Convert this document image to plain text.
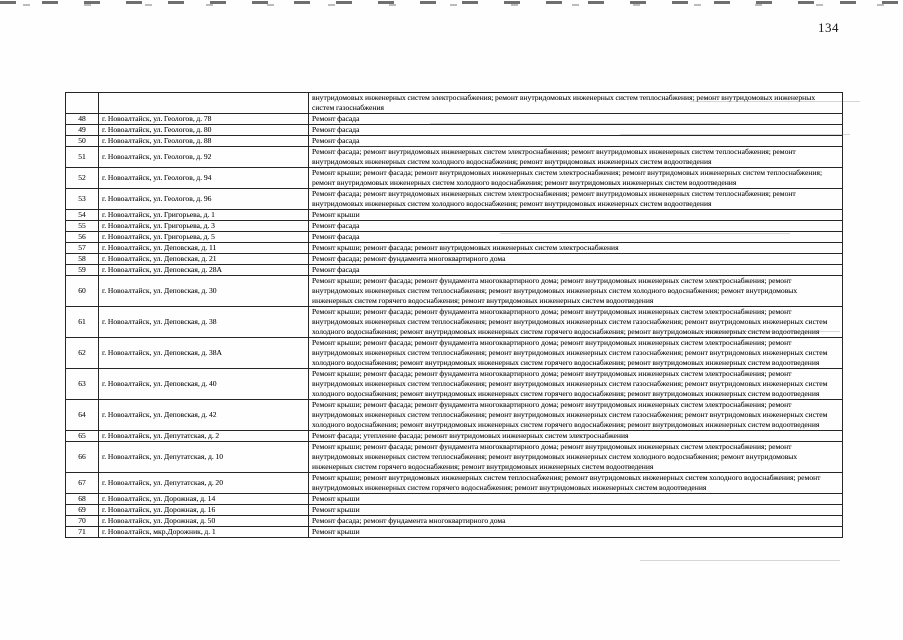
134
		внутридомовых инженерных систем электроснабжения; ремонт внутридомовых инженерных систем теплоснабжения; ремонт внутридомовых инженерных систем газоснабжения
48	г. Новоалтайск, ул. Геологов, д. 78	Ремонт фасада
49	г. Новоалтайск, ул. Геологов, д. 80	Ремонт фасада
50	г. Новоалтайск, ул. Геологов, д. 88	Ремонт фасада
51	г. Новоалтайск, ул. Геологов, д. 92	Ремонт фасада; ремонт внутридомовых инженерных систем электроснабжения; ремонт внутридомовых инженерных систем теплоснабжения; ремонт внутридомовых инженерных систем холодного водоснабжения; ремонт внутридомовых инженерных систем водоотведения
52	г. Новоалтайск, ул. Геологов, д. 94	Ремонт крыши; ремонт фасада; ремонт внутридомовых инженерных систем электроснабжения; ремонт внутридомовых инженерных систем теплоснабжения; ремонт внутридомовых инженерных систем холодного водоснабжения; ремонт внутридомовых инженерных систем водоотведения
53	г. Новоалтайск, ул. Геологов, д. 96	Ремонт фасада; ремонт внутридомовых инженерных систем электроснабжения; ремонт внутридомовых инженерных систем теплоснабжения; ремонт внутридомовых инженерных систем холодного водоснабжения; ремонт внутридомовых инженерных систем водоотведения
54	г. Новоалтайск, ул. Григорьева, д. 1	Ремонт крыши
55	г. Новоалтайск, ул. Григорьева, д. 3	Ремонт фасада
56	г. Новоалтайск, ул. Григорьева, д. 5	Ремонт фасада
57	г. Новоалтайск, ул. Деповская, д. 11	Ремонт крыши; ремонт фасада; ремонт внутридомовых инженерных систем электроснабжения
58	г. Новоалтайск, ул. Деповская, д. 21	Ремонт фасада; ремонт фундамента многоквартирного дома
59	г. Новоалтайск, ул. Деповская, д. 28А	Ремонт фасада
60	г. Новоалтайск, ул. Деповская, д. 30	Ремонт крыши; ремонт фасада; ремонт фундамента многоквартирного дома; ремонт внутридомовых инженерных систем электроснабжения; ремонт внутридомовых инженерных систем теплоснабжения; ремонт внутридомовых инженерных систем холодного водоснабжения; ремонт внутридомовых инженерных систем горячего водоснабжения; ремонт внутридомовых инженерных систем водоотведения
61	г. Новоалтайск, ул. Деповская, д. 38	Ремонт крыши; ремонт фасада; ремонт фундамента многоквартирного дома; ремонт внутридомовых инженерных систем электроснабжения; ремонт внутридомовых инженерных систем теплоснабжения; ремонт внутридомовых инженерных систем газоснабжения; ремонт внутридомовых инженерных систем холодного водоснабжения; ремонт внутридомовых инженерных систем горячего водоснабжения; ремонт внутридомовых инженерных систем водоотведения
62	г. Новоалтайск, ул. Деповская, д. 38А	Ремонт крыши; ремонт фасада; ремонт фундамента многоквартирного дома; ремонт внутридомовых инженерных систем электроснабжения; ремонт внутридомовых инженерных систем теплоснабжения; ремонт внутридомовых инженерных систем газоснабжения; ремонт внутридомовых инженерных систем холодного водоснабжения; ремонт внутридомовых инженерных систем горячего водоснабжения; ремонт внутридомовых инженерных систем водоотведения
63	г. Новоалтайск, ул. Деповская, д. 40	Ремонт крыши; ремонт фасада; ремонт фундамента многоквартирного дома; ремонт внутридомовых инженерных систем электроснабжения; ремонт внутридомовых инженерных систем теплоснабжения; ремонт внутридомовых инженерных систем газоснабжения; ремонт внутридомовых инженерных систем холодного водоснабжения; ремонт внутридомовых инженерных систем горячего водоснабжения; ремонт внутридомовых инженерных систем водоотведения
64	г. Новоалтайск, ул. Деповская, д. 42	Ремонт крыши; ремонт фасада; ремонт фундамента многоквартирного дома; ремонт внутридомовых инженерных систем электроснабжения; ремонт внутридомовых инженерных систем теплоснабжения; ремонт внутридомовых инженерных систем газоснабжения; ремонт внутридомовых инженерных систем холодного водоснабжения; ремонт внутридомовых инженерных систем горячего водоснабжения; ремонт внутридомовых инженерных систем водоотведения
65	г. Новоалтайск, ул. Депутатская, д. 2	Ремонт фасада; утепление фасада; ремонт внутридомовых инженерных систем электроснабжения
66	г. Новоалтайск, ул. Депутатская, д. 10	Ремонт крыши; ремонт фасада; ремонт фундамента многоквартирного дома; ремонт внутридомовых инженерных систем электроснабжения; ремонт внутридомовых инженерных систем теплоснабжения; ремонт внутридомовых инженерных систем холодного водоснабжения; ремонт внутридомовых инженерных систем горячего водоснабжения; ремонт внутридомовых инженерных систем водоотведения
67	г. Новоалтайск, ул. Депутатская, д. 20	Ремонт крыши; ремонт внутридомовых инженерных систем теплоснабжения; ремонт внутридомовых инженерных систем холодного водоснабжения; ремонт внутридомовых инженерных систем горячего водоснабжения; ремонт внутридомовых инженерных систем водоотведения
68	г. Новоалтайск, ул. Дорожная, д. 14	Ремонт крыши
69	г. Новоалтайск, ул. Дорожная, д. 16	Ремонт крыши
70	г. Новоалтайск, ул. Дорожная, д. 50	Ремонт фасада; ремонт фундамента многоквартирного дома
71	г. Новоалтайск, мкр.Дорожник, д. 1	Ремонт крыши
